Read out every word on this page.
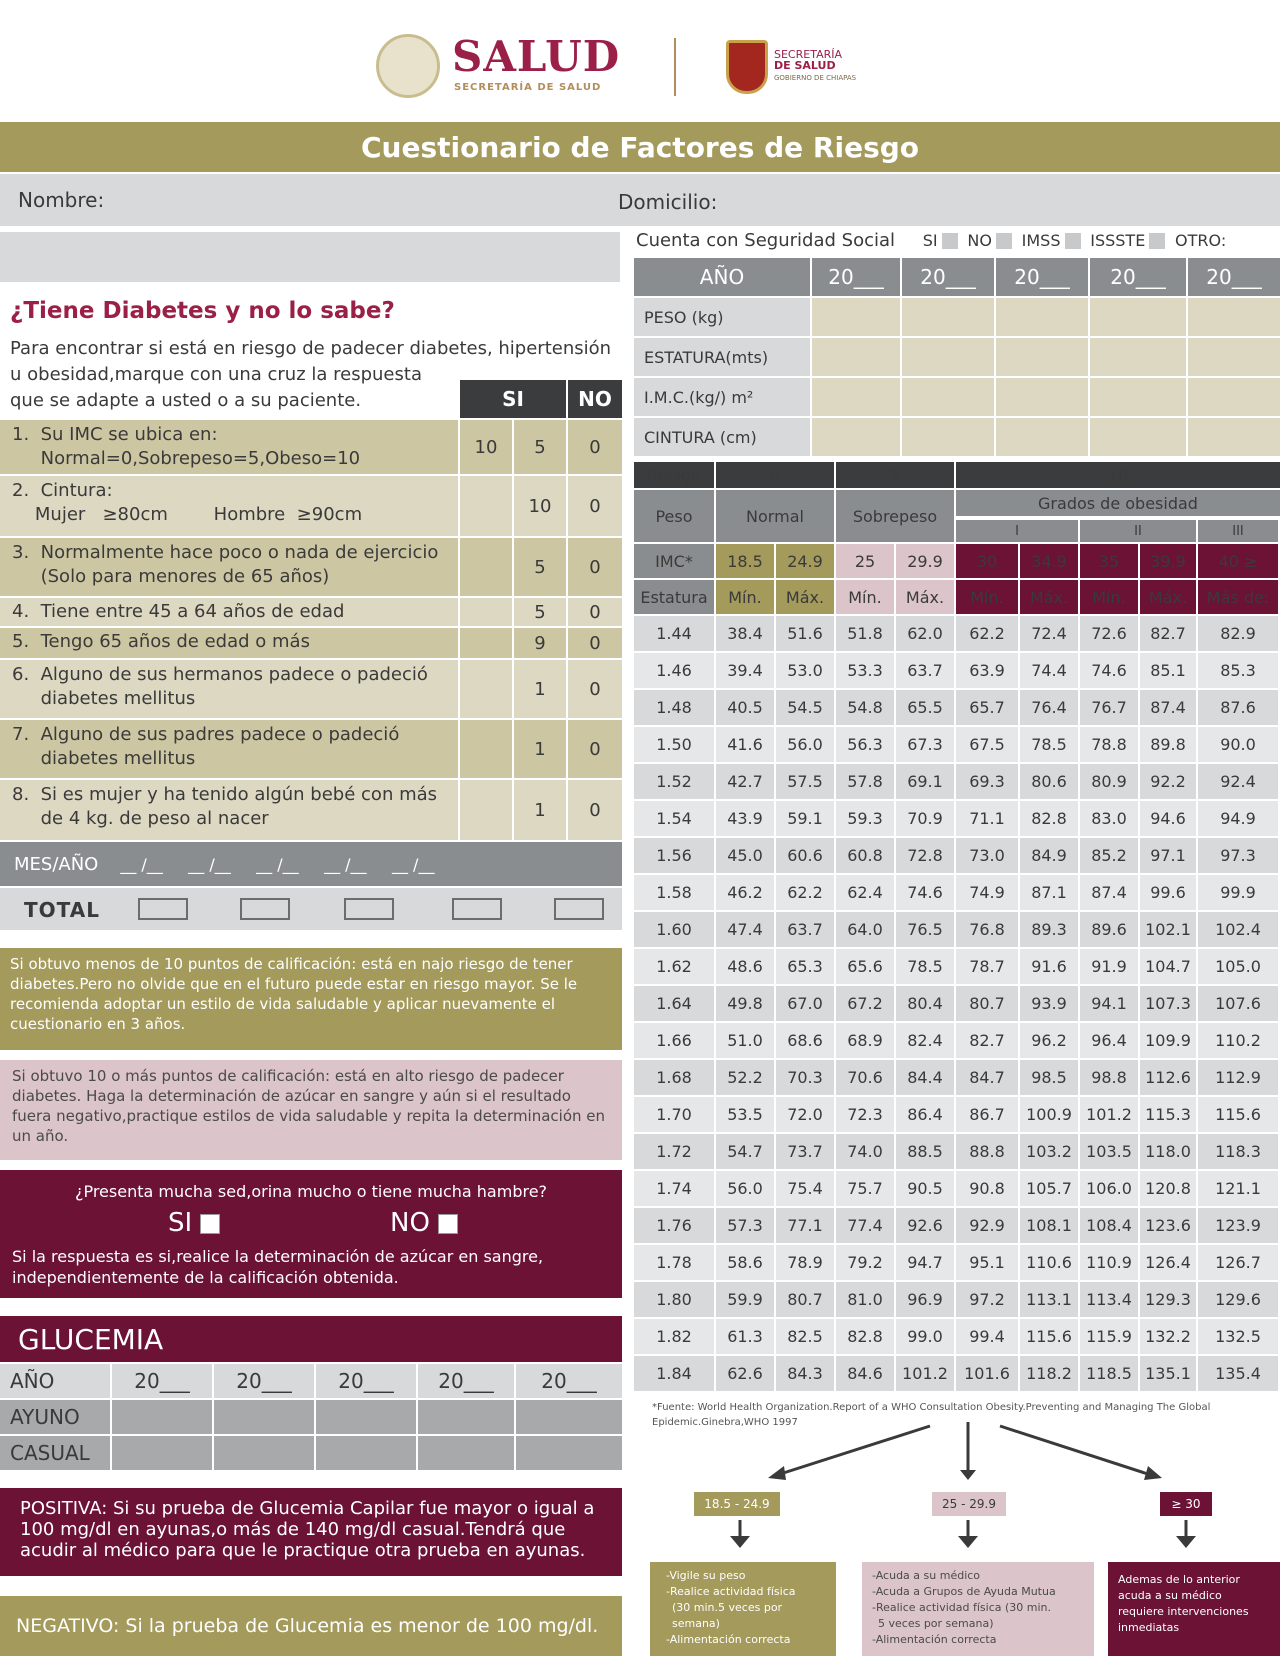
SALUD
SECRETARÍA DE SALUD
SECRETARÍA
DE SALUD
GOBIERNO DE CHIAPAS
Cuestionario de Factores de Riesgo
Nombre:	Domicilio:
Cuenta con Seguridad Social SI NO IMSS ISSSTE OTRO:
AÑO	20___	20___	20___	20___	20___
PESO (kg)
ESTATURA(mts)
I.M.C.(kg/) m²
CINTURA (cm)
¿Tiene Diabetes y no lo sabe?
Para encontrar si está en riesgo de padecer diabetes, hipertensión
u obesidad,marque con una cruz la respuesta
que se adapte a usted o a su paciente.	SI	NO
1.  Su IMC se ubica en:
Normal=0,Sobrepeso=5,Obeso=10
10	5	0
2.  Cintura:
Mujer   ≥80cm        Hombre  ≥90cm	10	0
3.  Normalmente hace poco o nada de ejercicio
(Solo para menores de 65 años)	5	0
4.  Tiene entre 45 a 64 años de edad	5	0
5.  Tengo 65 años de edad o más	9	0
6.  Alguno de sus hermanos padece o padeció
diabetes mellitus	1	0
7.  Alguno de sus padres padece o padeció
diabetes mellitus	1	0
8.  Si es mujer y ha tenido algún bebé con más
de 4 kg. de peso al nacer	1	0
MES/AÑO __ /__     __ /__     __ /__     __ /__     __ /__
TOTAL
Si obtuvo menos de 10 puntos de calificación: está en najo riesgo de tener diabetes.Pero no olvide que en el futuro puede estar en riesgo mayor. Se le recomienda adoptar un estilo de vida saludable y aplicar nuevamente el cuestionario en 3 años.
Si obtuvo 10 o más puntos de calificación: está en alto riesgo de padecer diabetes. Haga la determinación de azúcar en sangre y aún si el resultado fuera negativo,practique estilos de vida saludable y repita la determinación en un año.
¿Presenta mucha sed,orina mucho o tiene mucha hambre?
SI	NO
Si la respuesta es si,realice la determinación de azúcar en sangre, independientemente de la calificación obtenida.
GLUCEMIA
AÑO	20___	20___	20___	20___	20___
AYUNO
CASUAL
POSITIVA: Si su prueba de Glucemia Capilar fue mayor o igual a 100 mg/dl en ayunas,o más de 140 mg/dl casual.Tendrá que acudir al médico para que le practique otra prueba en ayunas.
NEGATIVO: Si la prueba de Glucemia es menor de 100 mg/dl.
Riesgo	0	5	10
Peso	Normal	Sobrepeso
Grados de obesidad
I	II	III
IMC*	18.5	24.9	25	29.9	30	34.9	35	39.9	40 ≥
Estatura	Mín.	Máx.	Mín.	Máx.	Mín.	Máx.	Mín.	Máx.	Más de:
1.44	38.4	51.6	51.8	62.0	62.2	72.4	72.6	82.7	82.9
1.46	39.4	53.0	53.3	63.7	63.9	74.4	74.6	85.1	85.3
1.48	40.5	54.5	54.8	65.5	65.7	76.4	76.7	87.4	87.6
1.50	41.6	56.0	56.3	67.3	67.5	78.5	78.8	89.8	90.0
1.52	42.7	57.5	57.8	69.1	69.3	80.6	80.9	92.2	92.4
1.54	43.9	59.1	59.3	70.9	71.1	82.8	83.0	94.6	94.9
1.56	45.0	60.6	60.8	72.8	73.0	84.9	85.2	97.1	97.3
1.58	46.2	62.2	62.4	74.6	74.9	87.1	87.4	99.6	99.9
1.60	47.4	63.7	64.0	76.5	76.8	89.3	89.6	102.1	102.4
1.62	48.6	65.3	65.6	78.5	78.7	91.6	91.9	104.7	105.0
1.64	49.8	67.0	67.2	80.4	80.7	93.9	94.1	107.3	107.6
1.66	51.0	68.6	68.9	82.4	82.7	96.2	96.4	109.9	110.2
1.68	52.2	70.3	70.6	84.4	84.7	98.5	98.8	112.6	112.9
1.70	53.5	72.0	72.3	86.4	86.7	100.9 101.2 115.3	115.6
1.72	54.7	73.7	74.0	88.5	88.8	103.2 103.5 118.0	118.3
1.74	56.0	75.4	75.7	90.5	90.8	105.7 106.0 120.8	121.1
1.76	57.3	77.1	77.4	92.6	92.9	108.1 108.4 123.6	123.9
1.78	58.6	78.9	79.2	94.7	95.1	110.6 110.9 126.4	126.7
1.80	59.9	80.7	81.0	96.9	97.2	113.1 113.4 129.3	129.6
1.82	61.3	82.5	82.8	99.0	99.4	115.6 115.9 132.2	132.5
1.84	62.6	84.3	84.6	101.2	101.6	118.2 118.5 135.1	135.4
*Fuente: World Health Organization.Report of a WHO Consultation Obesity.Preventing and Managing The Global Epidemic.Ginebra,WHO 1997
18.5 - 24.9	25 - 29.9	≥ 30
-Vigile su peso
-Realice actividad física
(30 min.5 veces por
semana)
-Alimentación correcta
-Acuda a su médico
-Acuda a Grupos de Ayuda Mutua
-Realice actividad física (30 min.
5 veces por semana)
-Alimentación correcta
Ademas de lo anterior
acuda a su médico
requiere intervenciones
inmediatas
